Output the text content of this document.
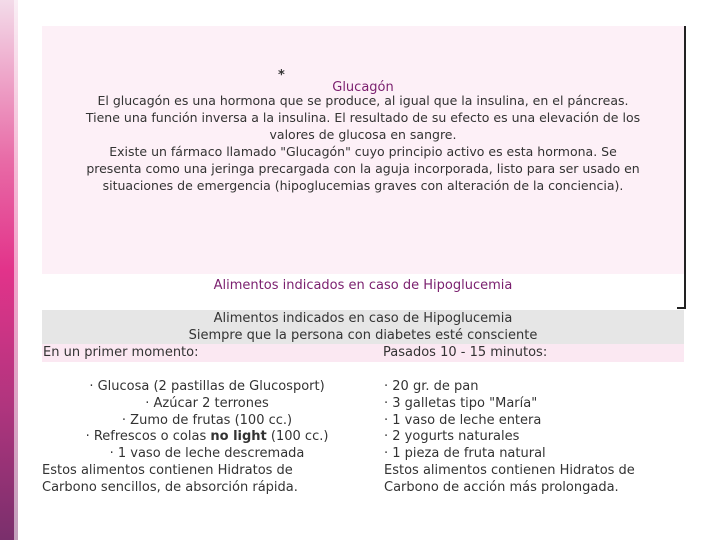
*
Glucagón
El glucagón es una hormona que se produce, al igual que la insulina, en el páncreas.
Tiene una función inversa a la insulina. El resultado de su efecto es una elevación de los
valores de glucosa en sangre.
Existe un fármaco llamado "Glucagón" cuyo principio activo es esta hormona. Se
presenta como una jeringa precargada con la aguja incorporada, listo para ser usado en
situaciones de emergencia (hipoglucemias graves con alteración de la conciencia).
Alimentos indicados en caso de Hipoglucemia
Alimentos indicados en caso de Hipoglucemia
Siempre que la persona con diabetes esté consciente
En un primer momento:	Pasados 10 - 15 minutos:
· Glucosa (2 pastillas de Glucosport)
· Azúcar 2 terrones
· Zumo de frutas (100 cc.)
· Refrescos o colas no light (100 cc.)
· 1 vaso de leche descremada
Estos alimentos contienen Hidratos de
Carbono sencillos, de absorción rápida.
· 20 gr. de pan
· 3 galletas tipo "María"
· 1 vaso de leche entera
· 2 yogurts naturales
· 1 pieza de fruta natural
Estos alimentos contienen Hidratos de
Carbono de acción más prolongada.
